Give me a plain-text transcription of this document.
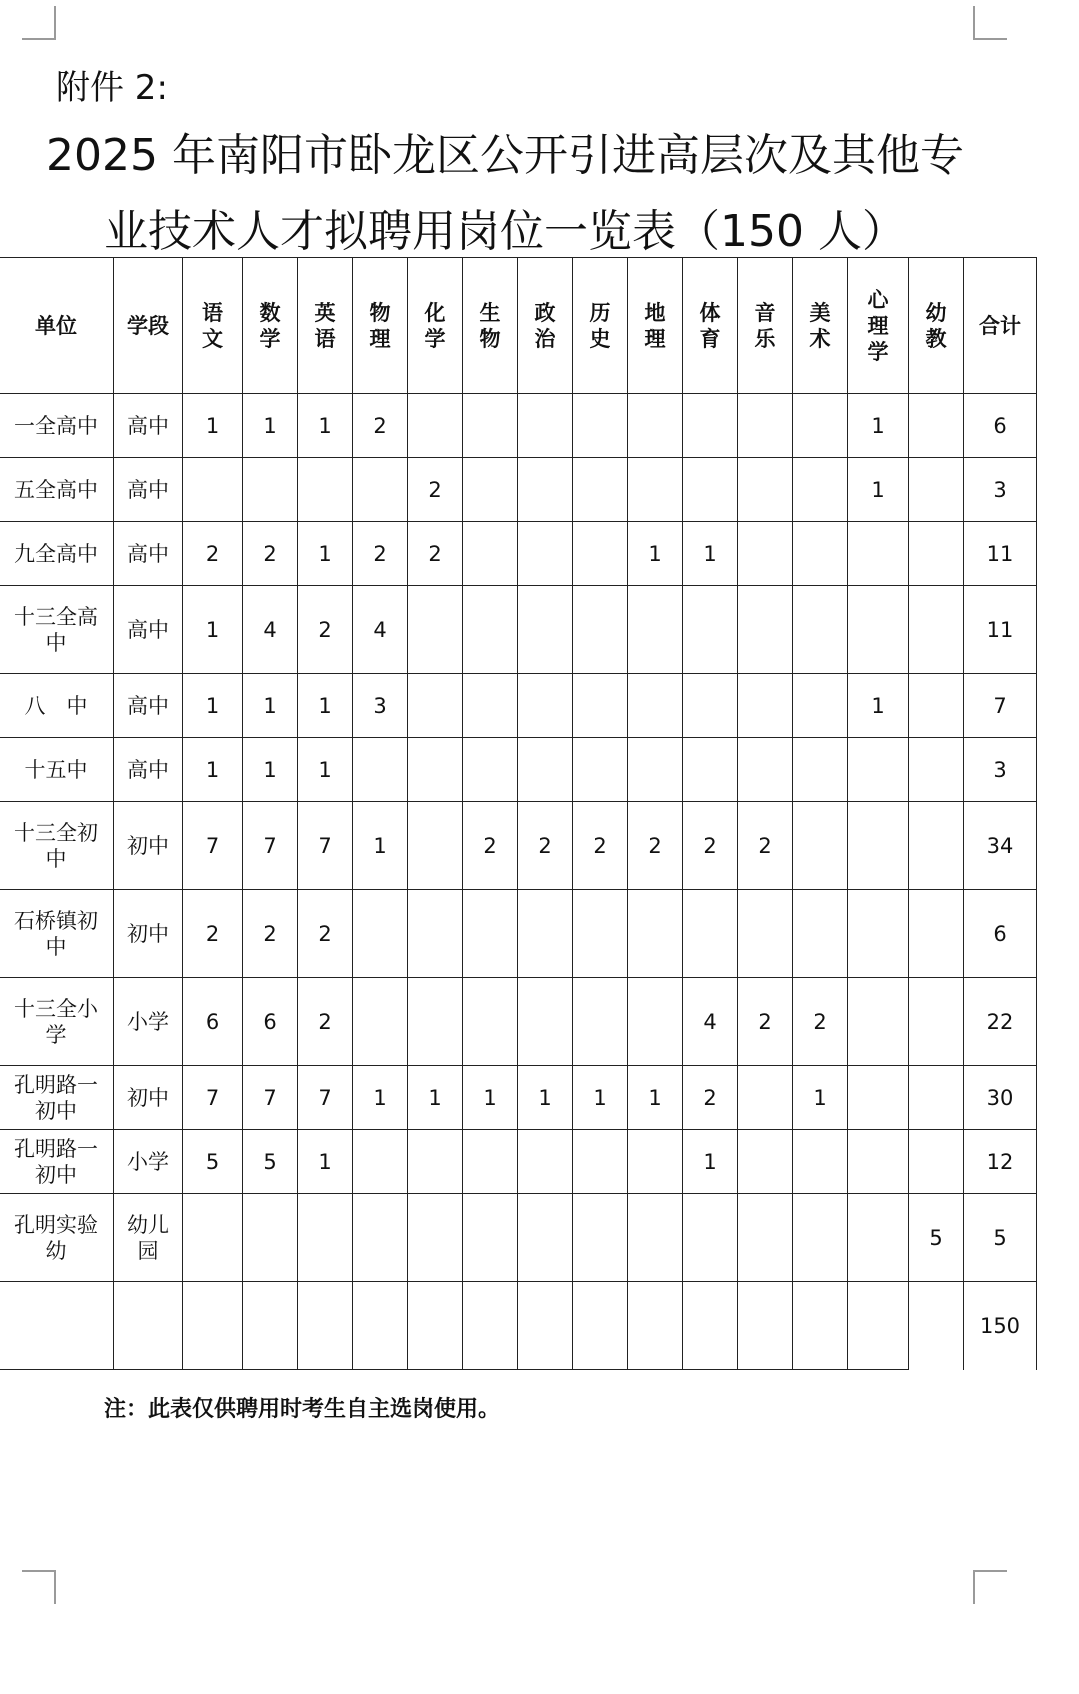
附件 2:
2025 年南阳市卧龙区公开引进高层次及其他专
业技术人才拟聘用岗位一览表（150 人）
单位	学段	语文	数学	英语	物理	化学	生物	政治	历史	地理	体育	音乐	美术	心理学	幼教	合计
一全高中	高中	1	1	1	2									1		6
五全高中	高中					2								1		3
九全高中	高中	2	2	1	2	2				1	1					11
十三全高中	高中	1	4	2	4											11
八　中	高中	1	1	1	3									1		7
十五中	高中	1	1	1												3
十三全初中	初中	7	7	7	1		2	2	2	2	2	2				34
石桥镇初中	初中	2	2	2												6
十三全小学	小学	6	6	2							4	2	2			22
孔明路一初中	初中	7	7	7	1	1	1	1	1	1	2		1			30
孔明路一初中	小学	5	5	1							1					12
孔明实验幼	幼儿园														5	5
																150
注：此表仅供聘用时考生自主选岗使用。
